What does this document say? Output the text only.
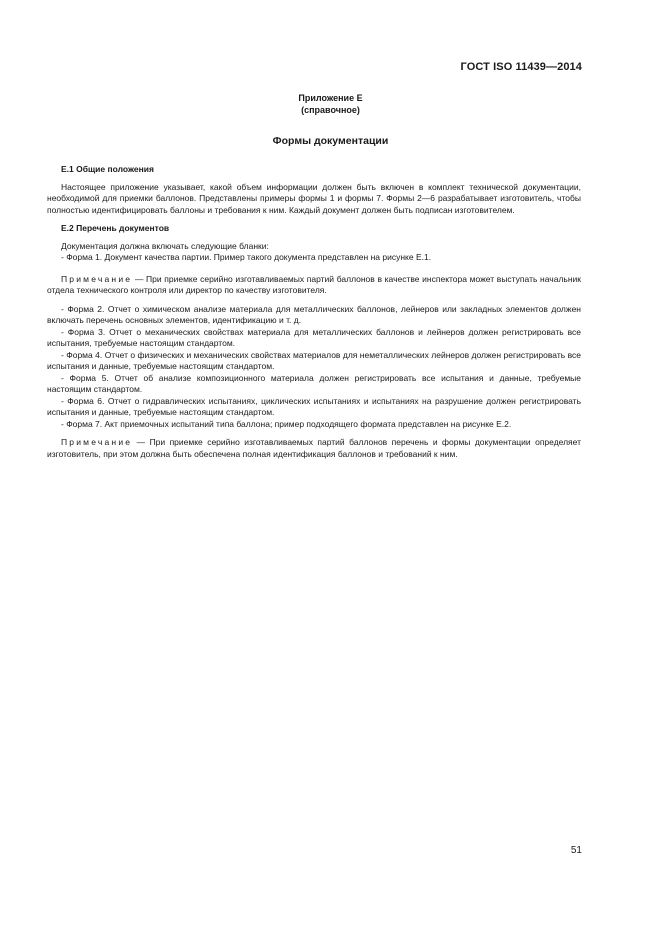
ГОСТ ISO 11439—2014
Приложение Е
(справочное)
Формы документации
Е.1 Общие положения

Настоящее приложение указывает, какой объем информации должен быть включен в комплект технической документации, необходимой для приемки баллонов. Представлены примеры формы 1 и формы 7. Формы 2—6 разрабатывает изготовитель, чтобы полностью идентифицировать баллоны и требования к ним. Каждый документ должен быть подписан изготовителем.

Е.2 Перечень документов
Документация должна включать следующие бланки:
- Форма 1. Документ качества партии. Пример такого документа представлен на рисунке Е.1.

Примечание — При приемке серийно изготавливаемых партий баллонов в качестве инспектора может выступать начальник отдела технического контроля или директор по качеству изготовителя.

- Форма 2. Отчет о химическом анализе материала для металлических баллонов, лейнеров или закладных элементов должен включать перечень основных элементов, идентификацию и т. д.

- Форма 3. Отчет о механических свойствах материала для металлических баллонов и лейнеров должен регистрировать все испытания, требуемые настоящим стандартом.

- Форма 4. Отчет о физических и механических свойствах материалов для неметаллических лейнеров должен регистрировать все испытания и данные, требуемые настоящим стандартом.

- Форма 5. Отчет об анализе композиционного материала должен регистрировать все испытания и данные, требуемые настоящим стандартом.

- Форма 6. Отчет о гидравлических испытаниях, циклических испытаниях и испытаниях на разрушение должен регистрировать испытания и данные, требуемые настоящим стандартом.

- Форма 7. Акт приемочных испытаний типа баллона; пример подходящего формата представлен на рисунке Е.2.

Примечание — При приемке серийно изготавливаемых партий баллонов перечень и формы документации определяет изготовитель, при этом должна быть обеспечена полная идентификация баллонов и требований к ним.

51
